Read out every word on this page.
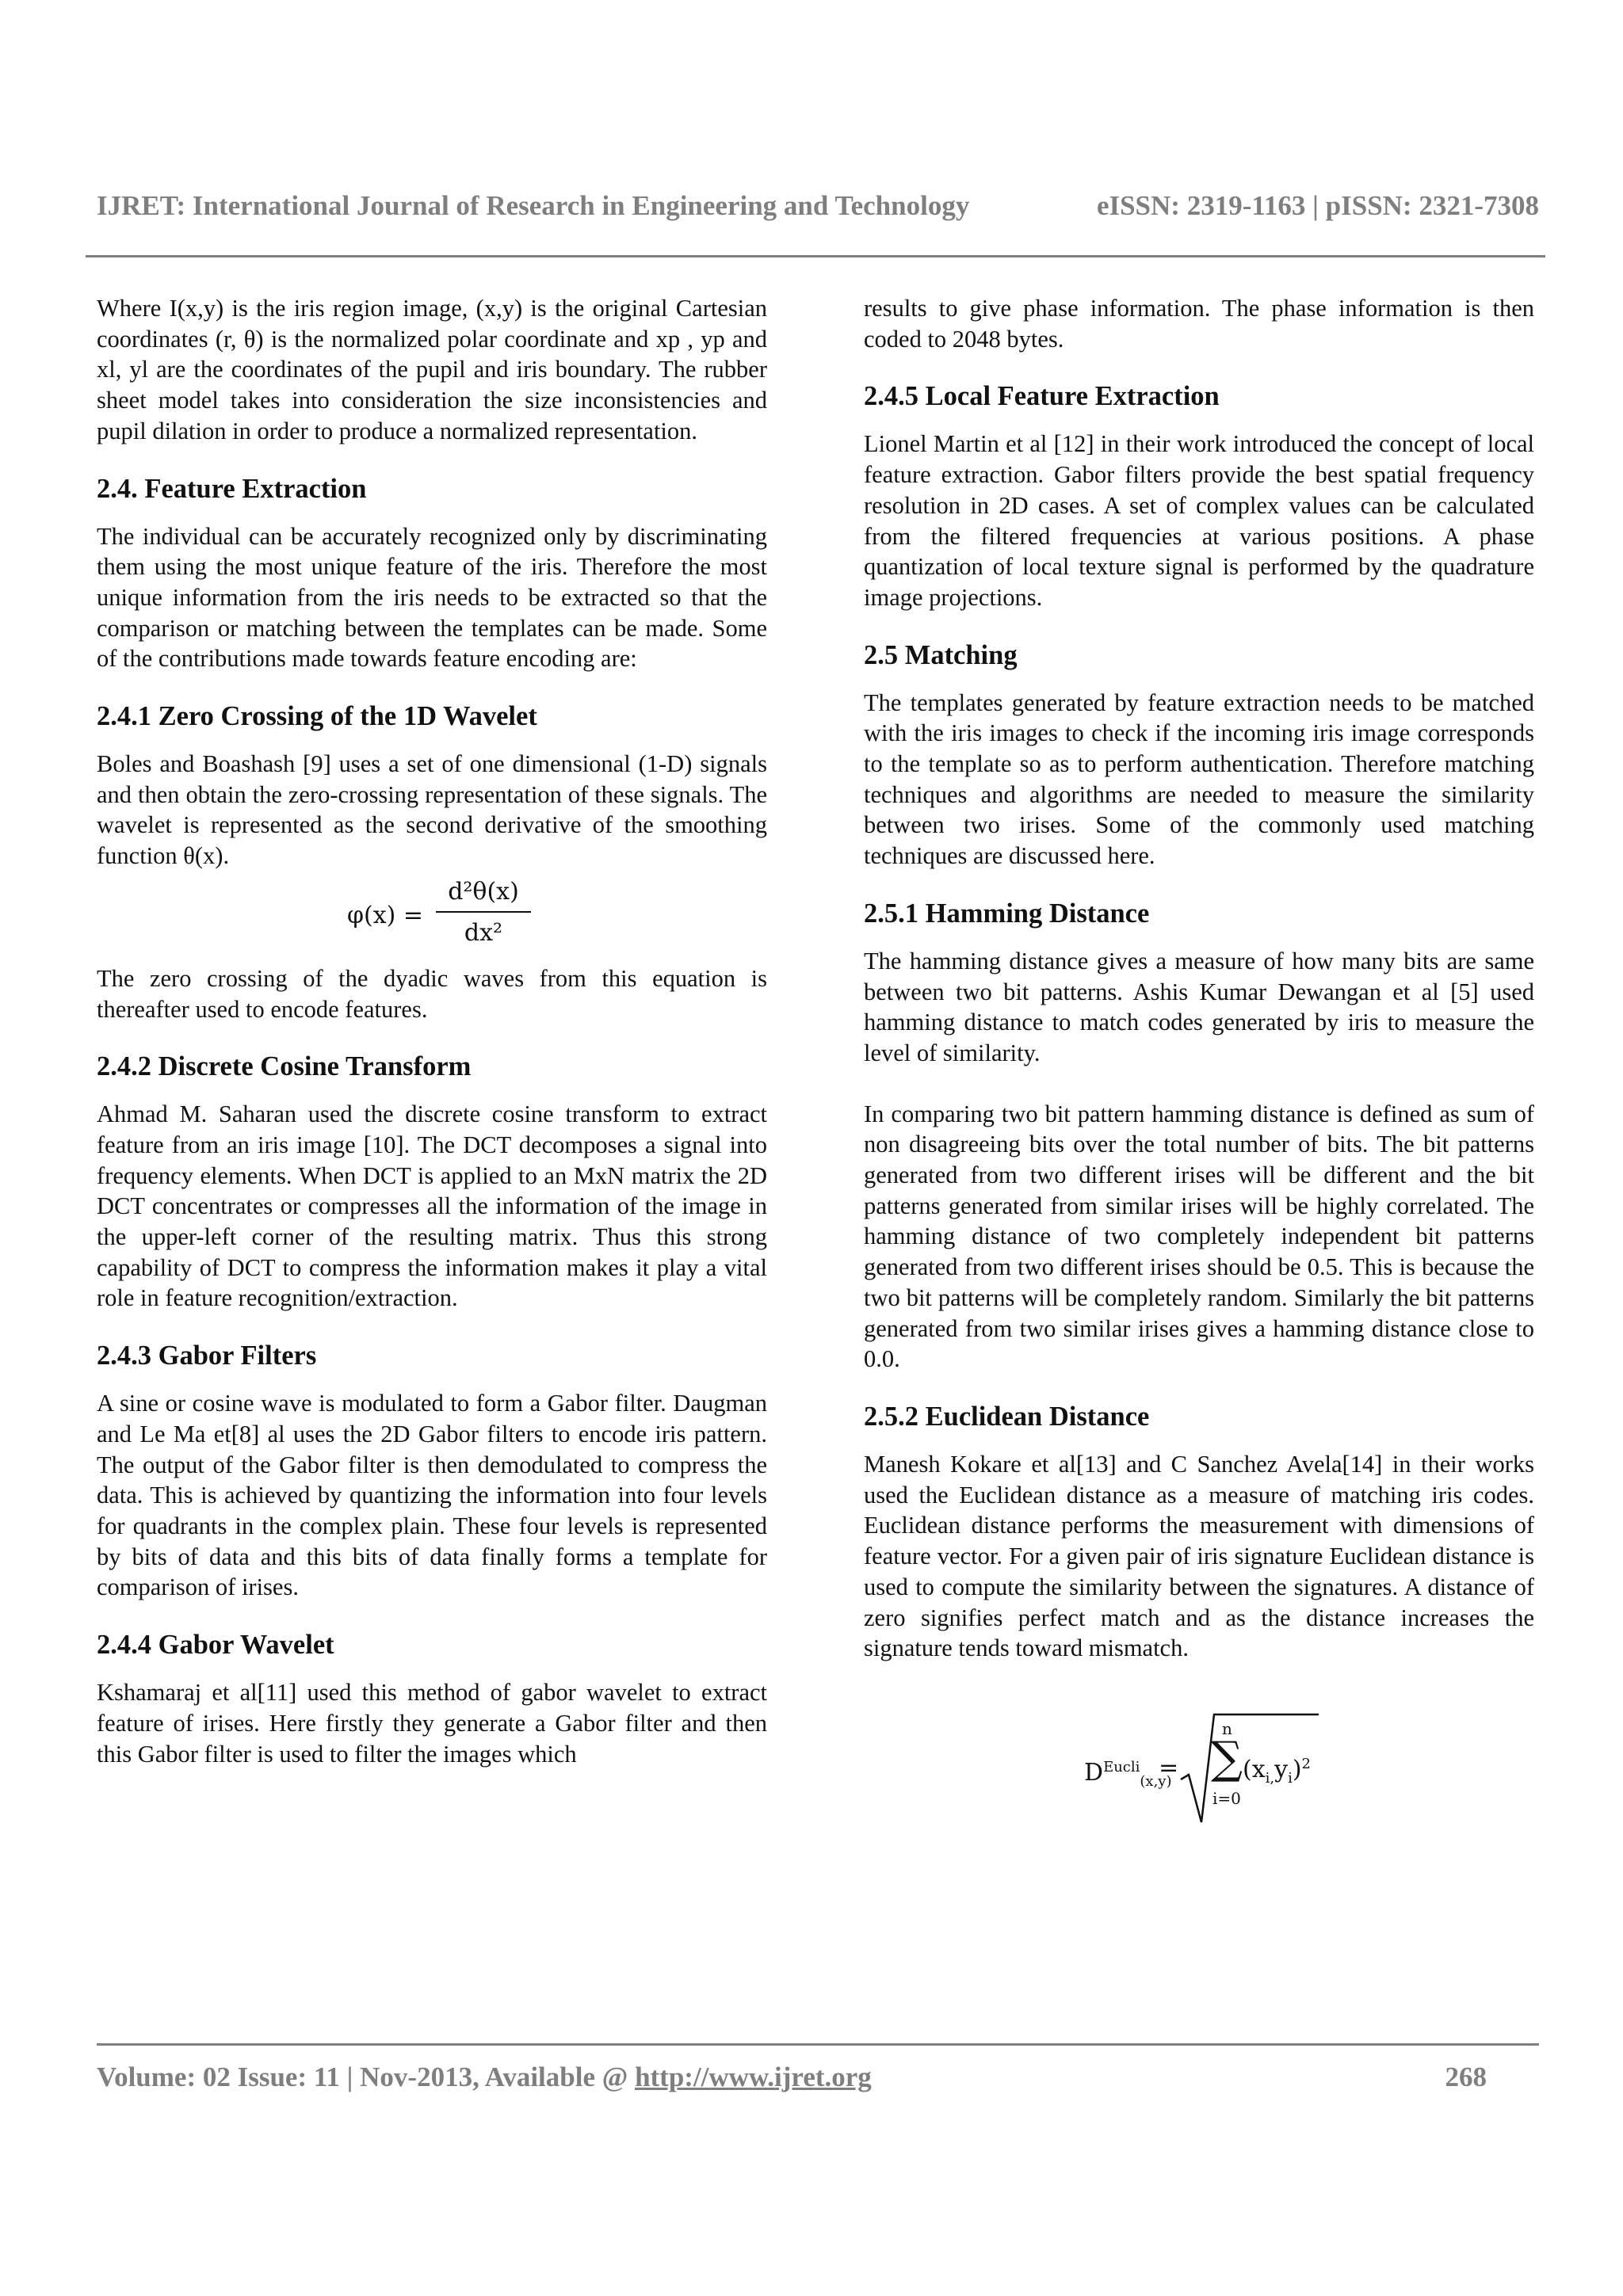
IJRET: International Journal of Research in Engineering and Technology	eISSN: 2319-1163 | pISSN: 2321-7308

Where I(x,y) is the iris region image, (x,y) is the original Cartesian coordinates (r, θ) is the normalized polar coordinate and xp , yp and xl, yl are the coordinates of the pupil and iris boundary. The rubber sheet model takes into consideration the size inconsistencies and pupil dilation in order to produce a normalized representation.

2.4. Feature Extraction

The individual can be accurately recognized only by discriminating them using the most unique feature of the iris. Therefore the most unique information from the iris needs to be extracted so that the comparison or matching between the templates can be made. Some of the contributions made towards feature encoding are:

2.4.1 Zero Crossing of the 1D Wavelet

Boles and Boashash [9] uses a set of one dimensional (1-D) signals and then obtain the zero-crossing representation of these signals. The wavelet is represented as the second derivative of the smoothing function θ(x).

φ(x) =
d²θ(x)
dx²

The zero crossing of the dyadic waves from this equation is thereafter used to encode features.

2.4.2 Discrete Cosine Transform

Ahmad M. Saharan used the discrete cosine transform to extract feature from an iris image [10]. The DCT decomposes a signal into frequency elements. When DCT is applied to an MxN matrix the 2D DCT concentrates or compresses all the information of the image in the upper-left corner of the resulting matrix. Thus this strong capability of DCT to compress the information makes it play a vital role in feature recognition/extraction.

2.4.3 Gabor Filters

A sine or cosine wave is modulated to form a Gabor filter. Daugman and Le Ma et[8] al uses the 2D Gabor filters to encode iris pattern. The output of the Gabor filter is then demodulated to compress the data. This is achieved by quantizing the information into four levels for quadrants in the complex plain. These four levels is represented by bits of data and this bits of data finally forms a template for comparison of irises.

2.4.4 Gabor Wavelet

Kshamaraj et al[11] used this method of gabor wavelet to extract feature of irises. Here firstly they generate a Gabor filter and then this Gabor filter is used to filter the images which

results to give phase information. The phase information is then coded to 2048 bytes.

2.4.5 Local Feature Extraction

Lionel Martin et al [12] in their work introduced the concept of local feature extraction. Gabor filters provide the best spatial frequency resolution in 2D cases. A set of complex values can be calculated from the filtered frequencies at various positions. A phase quantization of local texture signal is performed by the quadrature image projections.

2.5 Matching

The templates generated by feature extraction needs to be matched with the iris images to check if the incoming iris image corresponds to the template so as to perform authentication. Therefore matching techniques and algorithms are needed to measure the similarity between two irises. Some of the commonly used matching techniques are discussed here.

2.5.1 Hamming Distance

The hamming distance gives a measure of how many bits are same between two bit patterns. Ashis Kumar Dewangan et al [5] used hamming distance to match codes generated by iris to measure the level of similarity.

In comparing two bit pattern hamming distance is defined as sum of non disagreeing bits over the total number of bits. The bit patterns generated from two different irises will be different and the bit patterns generated from similar irises will be highly correlated. The hamming distance of two completely independent bit patterns generated from two different irises should be 0.5. This is because the two bit patterns will be completely random. Similarly the bit patterns generated from two similar irises gives a hamming distance close to 0.0.

2.5.2 Euclidean Distance

Manesh Kokare et al[13] and C Sanchez Avela[14] in their works used the Euclidean distance as a measure of matching iris codes. Euclidean distance performs the measurement with dimensions of feature vector. For a given pair of iris signature Euclidean distance is used to compute the similarity between the signatures. A distance of zero signifies perfect match and as the distance increases the signature tends toward mismatch.

$D^{Eucli}_{(x,y)}$
=
n
∑
i=0
$(x_{i,}y_i)^2$
Volume: 02 Issue: 11 | Nov-2013, Available @ http://www.ijret.org	268
